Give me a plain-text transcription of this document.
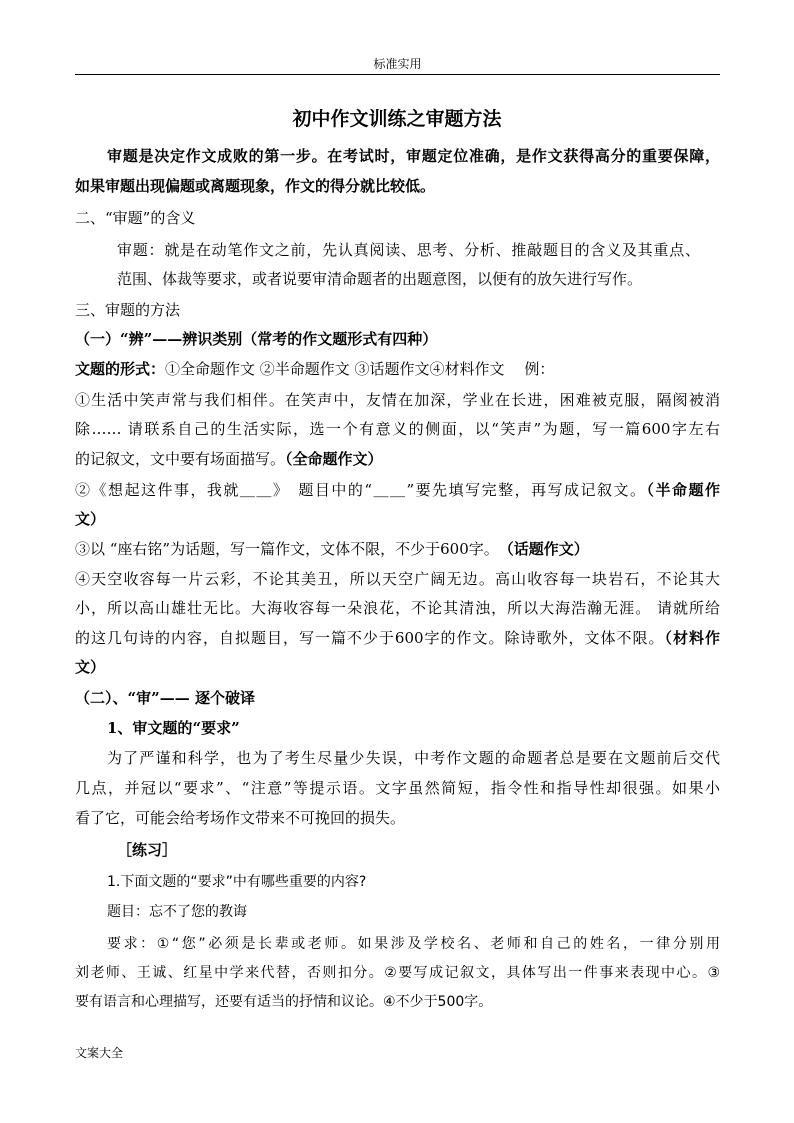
标准实用
初中作文训练之审题方法
审题是决定作文成败的第一步。在考试时，审题定位准确，是作文获得高分的重要保障，
如果审题出现偏题或离题现象，作文的得分就比较低。
二、“审题”的含义
审题：就是在动笔作文之前，先认真阅读、思考、分析、推敲题目的含义及其重点、
范围、体裁等要求，或者说要审清命题者的出题意图，以便有的放矢进行写作。
三、审题的方法
（一）“辨”——辨识类别（常考的作文题形式有四种）
文题的形式：①全命题作文 ②半命题作文 ③话题作文④材料作文　 例：
①生活中笑声常与我们相伴。在笑声中，友情在加深，学业在长进，困难被克服，隔阂被消
除…… 请联系自己的生活实际，选一个有意义的侧面，以“笑声”为题，写一篇600字左右
的记叙文，文中要有场面描写。（全命题作文）
②《想起这件事，我就＿＿》　题目中的“＿＿”要先填写完整，再写成记叙文。（半命题作
文）
③以 “座右铭”为话题，写一篇作文，文体不限，不少于600字。　（话题作文）
④天空收容每一片云彩，不论其美丑，所以天空广阔无边。高山收容每一块岩石，不论其大
小，所以高山雄壮无比。大海收容每一朵浪花，不论其清浊，所以大海浩瀚无涯。 请就所给
的这几句诗的内容，自拟题目，写一篇不少于600字的作文。除诗歌外，文体不限。（材料作
文）
（二）、“审”—— 逐个破译
1、审文题的“要求”
为了严谨和科学，也为了考生尽量少失误，中考作文题的命题者总是要在文题前后交代
几点，并冠以“要求”、“注意”等提示语。文字虽然简短，指令性和指导性却很强。如果小
看了它，可能会给考场作文带来不可挽回的损失。
［练习］
1.下面文题的“要求”中有哪些重要的内容?
题目：忘不了您的教诲
要求：①“您”必须是长辈或老师。如果涉及学校名、老师和自己的姓名，一律分别用
刘老师、王诚、红星中学来代替，否则扣分。②要写成记叙文，具体写出一件事来表现中心。③
要有语言和心理描写，还要有适当的抒情和议论。④不少于500字。
文案大全
